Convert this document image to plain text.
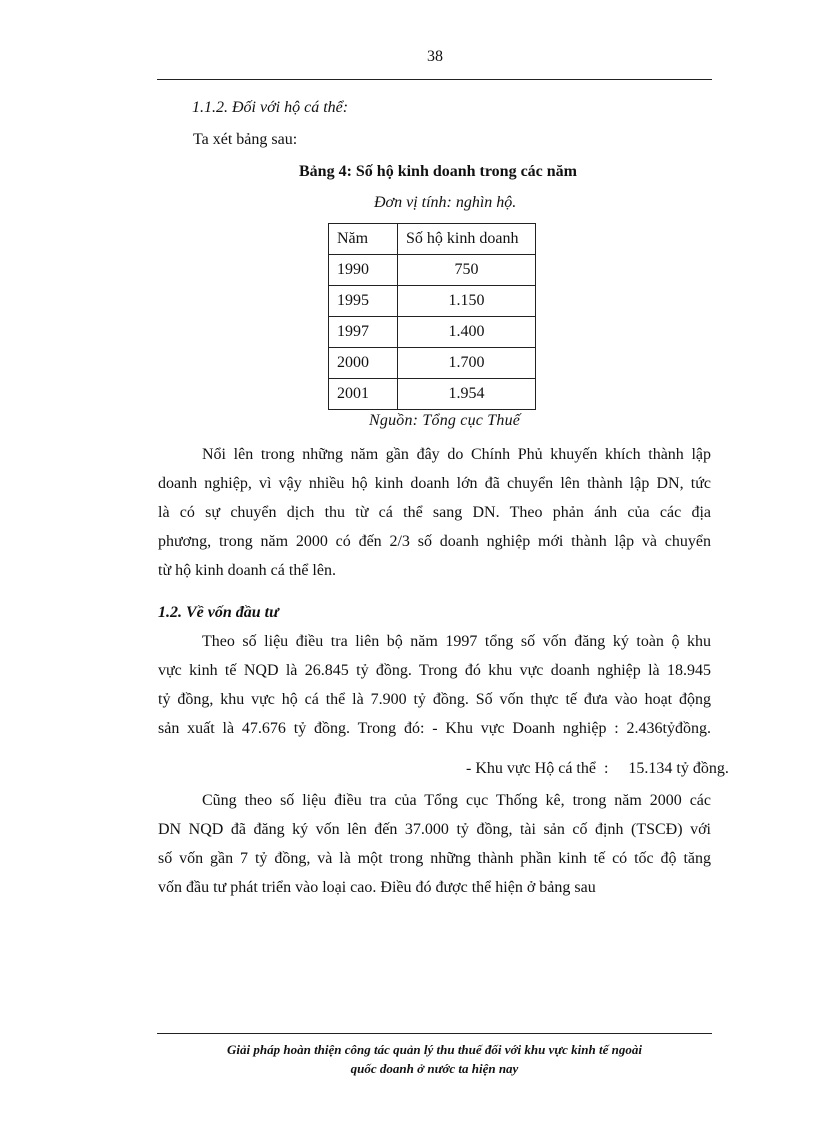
38
1.1.2. Đối với hộ cá thể:
Ta xét bảng sau:
Bảng 4: Số hộ kinh doanh trong các năm
Đơn vị tính: nghìn hộ.
Năm	Số hộ kinh doanh
1990	750
1995	1.150
1997	1.400
2000	1.700
2001	1.954
Nguồn: Tổng cục Thuế
Nổi lên trong những năm gần đây do Chính Phủ khuyến khích thành lập
doanh nghiệp, vì vậy nhiều hộ kinh doanh lớn đã chuyển lên thành lập DN, tức
là có sự chuyển dịch thu từ cá thể sang DN. Theo phản ánh của các địa
phương, trong năm 2000 có đến 2/3 số doanh nghiệp mới thành lập và chuyển
từ hộ kinh doanh cá thể lên.
1.2. Về vốn đầu tư
Theo số liệu điều tra liên bộ năm 1997 tổng số vốn đăng ký toàn ộ khu
vực kinh tế NQD là 26.845 tỷ đồng. Trong đó khu vực doanh nghiệp là 18.945
tỷ đồng, khu vực hộ cá thể là 7.900 tỷ đồng. Số vốn thực tế đưa vào hoạt động
sản xuất là 47.676 tỷ đồng. Trong đó: - Khu vực Doanh nghiệp : 2.436tỷđồng.
- Khu vực Hộ cá thể  :     15.134 tỷ đồng.
Cũng theo số liệu điều tra của Tổng cục Thống kê, trong năm 2000 các
DN NQD đã đăng ký vốn lên đến 37.000 tỷ đồng, tài sản cố định (TSCĐ) với
số vốn gần 7 tỷ đồng, và là một trong những thành phần kinh tế có tốc độ tăng
vốn đầu tư phát triển vào loại cao. Điều đó được thể hiện ở bảng sau
Giải pháp hoàn thiện công tác quản lý thu thuế đối với khu vực kinh tế ngoài
quốc doanh ở nước ta hiện nay
